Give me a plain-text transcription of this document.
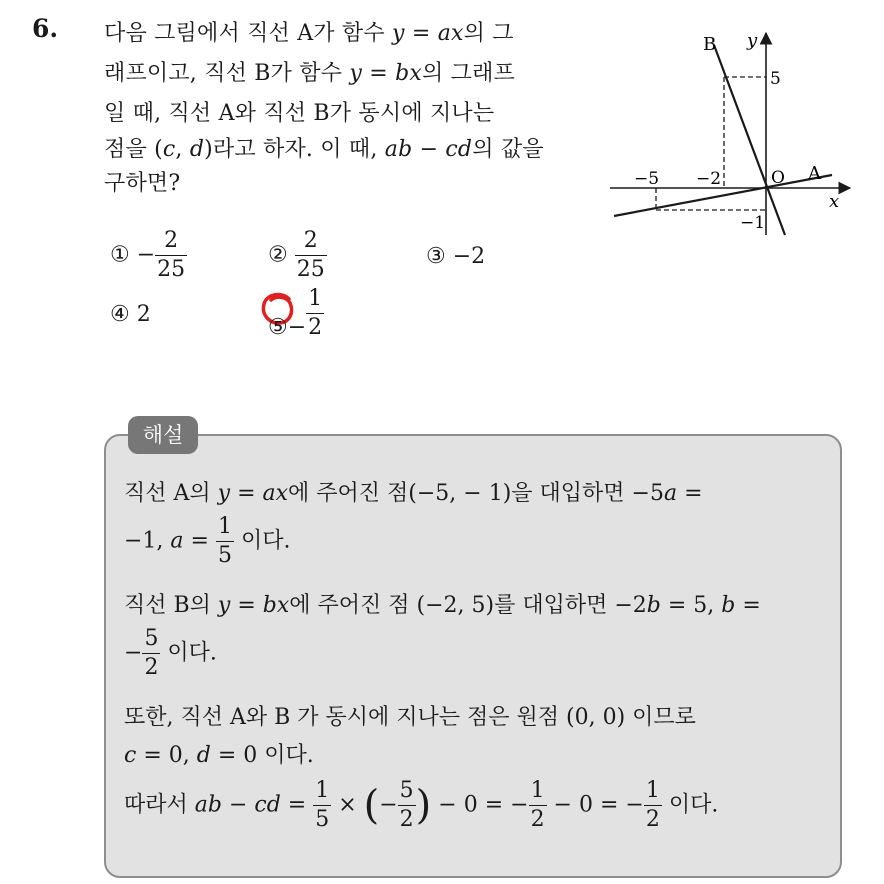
6. 다음 그림에서 직선 A가 함수 y = ax의 그
래프이고, 직선 B가 함수 y = bx의 그래프
일 때, 직선 A와 직선 B가 동시에 지나는
점을 (c, d)라고 하자. 이 때, ab − cd의 값을
구하면?
① − $\frac{2}{25}$	② $\frac{2}{25}$	③ −2
④ 2	⑤− $\frac{1}{2}$
B y
5
−5 −2	O A
x
−1
해설
직선 A의 y = ax에 주어진 점(−5, − 1)을 대입하면 −5a =
−1, $a = \frac{1}{5}$ 이다.
직선 B의 y = bx에 주어진 점 (−2, 5)를 대입하면 −2b = 5, b =
− $\frac{5}{2}$ 이다.
또한, 직선 A와 B 가 동시에 지나는 점은 원점 (0, 0) 이므로
c = 0, d = 0 이다.
따라서 ab − cd = $\frac{1}{5}$ × (− $\frac{5}{2}$ ) − 0 = − $\frac{1}{2} - 0$ = − $\frac{1}{2}$ 이다.
